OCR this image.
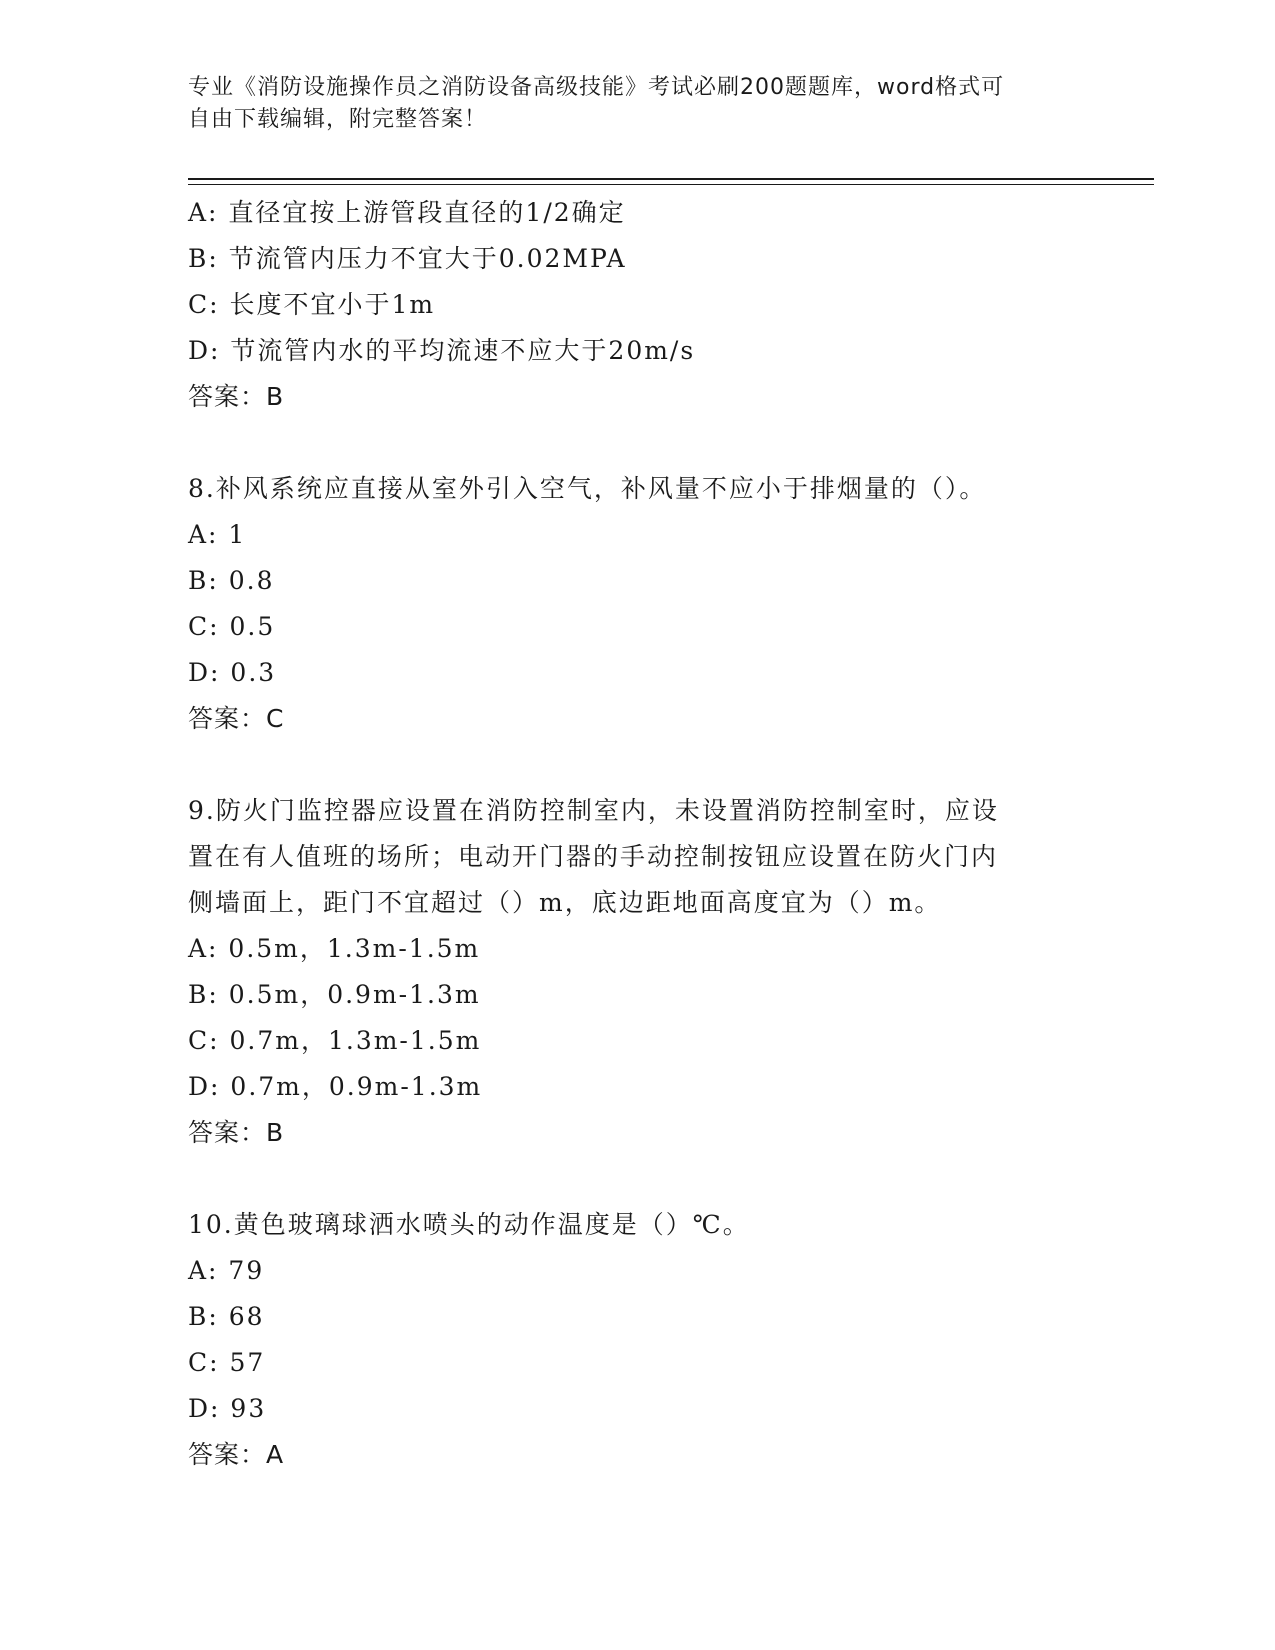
专业《消防设施操作员之消防设备高级技能》考试必刷200题题库，word格式可
自由下载编辑，附完整答案！
A: 直径宜按上游管段直径的1/2确定
B: 节流管内压力不宜大于0.02MPA
C: 长度不宜小于1m
D: 节流管内水的平均流速不应大于20m/s
答案：B
8.补风系统应直接从室外引入空气，补风量不应小于排烟量的（）。
A: 1
B: 0.8
C: 0.5
D: 0.3
答案：C
9.防火门监控器应设置在消防控制室内，未设置消防控制室时，应设
置在有人值班的场所；电动开门器的手动控制按钮应设置在防火门内
侧墙面上，距门不宜超过（）m，底边距地面高度宜为（）m。
A: 0.5m，1.3m-1.5m
B: 0.5m，0.9m-1.3m
C: 0.7m，1.3m-1.5m
D: 0.7m，0.9m-1.3m
答案：B
10.黄色玻璃球洒水喷头的动作温度是（）℃。
A: 79
B: 68
C: 57
D: 93
答案：A
